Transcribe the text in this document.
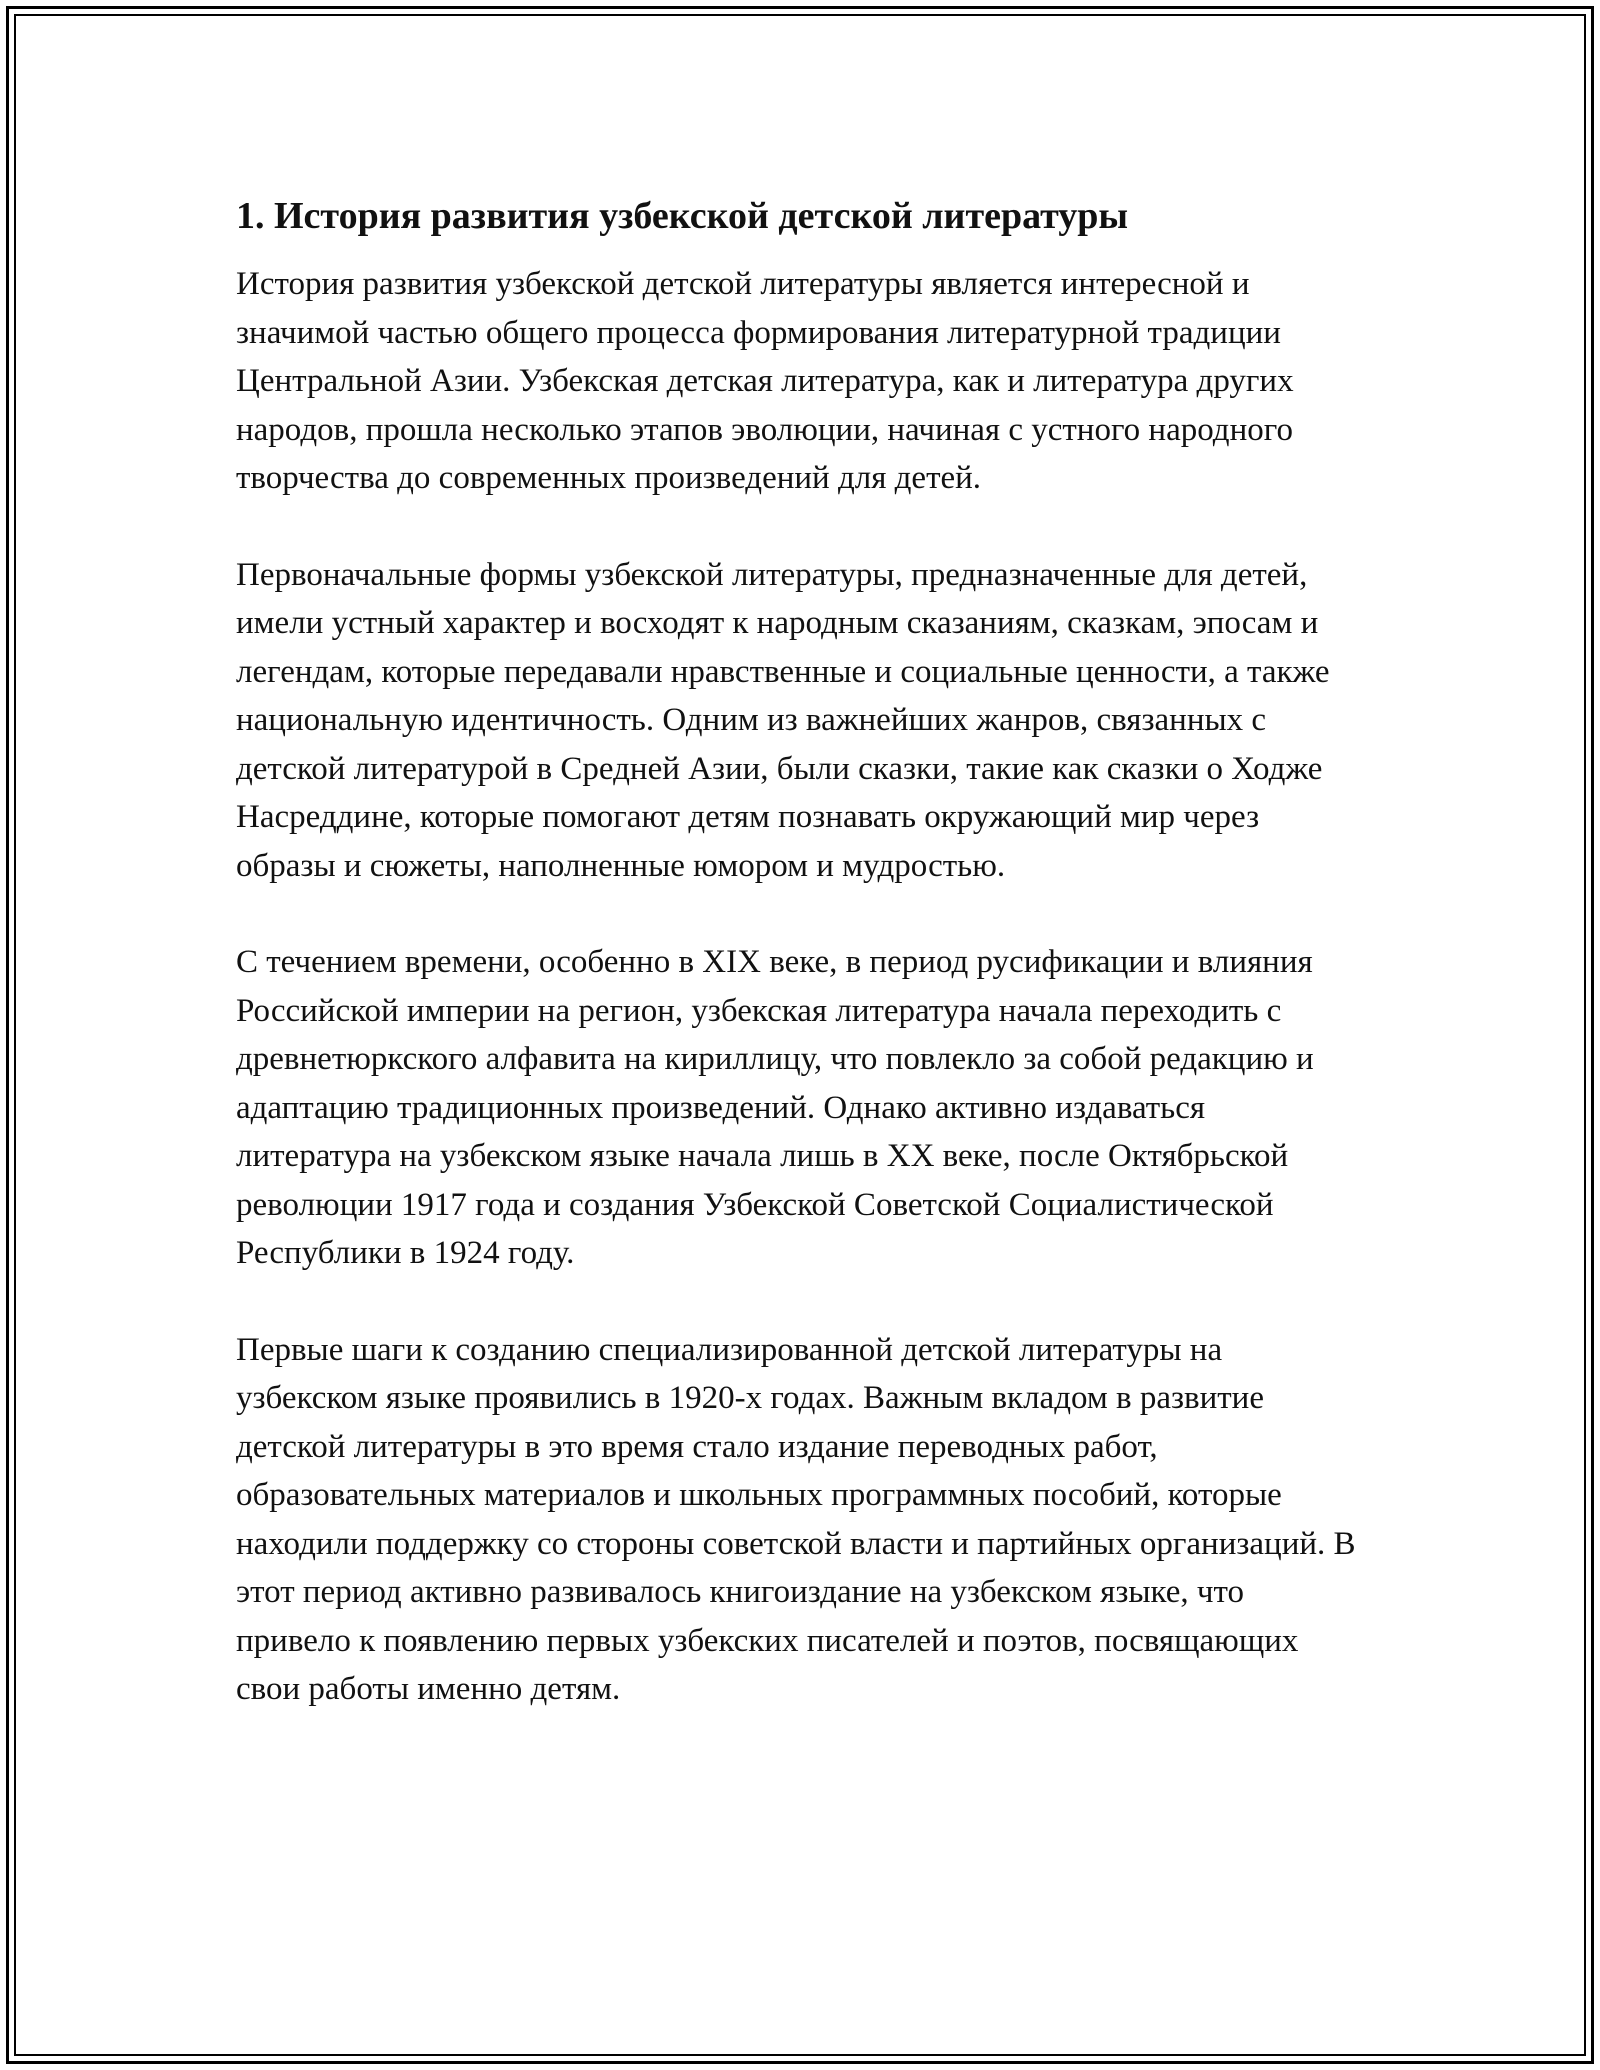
1. История развития узбекской детской литературы

История развития узбекской детской литературы является интересной и значимой частью общего процесса формирования литературной традиции Центральной Азии. Узбекская детская литература, как и литература других народов, прошла несколько этапов эволюции, начиная с устного народного творчества до современных произведений для детей.

Первоначальные формы узбекской литературы, предназначенные для детей, имели устный характер и восходят к народным сказаниям, сказкам, эпосам и легендам, которые передавали нравственные и социальные ценности, а также национальную идентичность. Одним из важнейших жанров, связанных с детской литературой в Средней Азии, были сказки, такие как сказки о Ходже Насреддине, которые помогают детям познавать окружающий мир через образы и сюжеты, наполненные юмором и мудростью.

С течением времени, особенно в XIX веке, в период русификации и влияния Российской империи на регион, узбекская литература начала переходить с древнетюркского алфавита на кириллицу, что повлекло за собой редакцию и адаптацию традиционных произведений. Однако активно издаваться литература на узбекском языке начала лишь в XX веке, после Октябрьской революции 1917 года и создания Узбекской Советской Социалистической Республики в 1924 году.

Первые шаги к созданию специализированной детской литературы на узбекском языке проявились в 1920-х годах. Важным вкладом в развитие детской литературы в это время стало издание переводных работ, образовательных материалов и школьных программных пособий, которые находили поддержку со стороны советской власти и партийных организаций. В этот период активно развивалось книгоиздание на узбекском языке, что привело к появлению первых узбекских писателей и поэтов, посвящающих свои работы именно детям.
